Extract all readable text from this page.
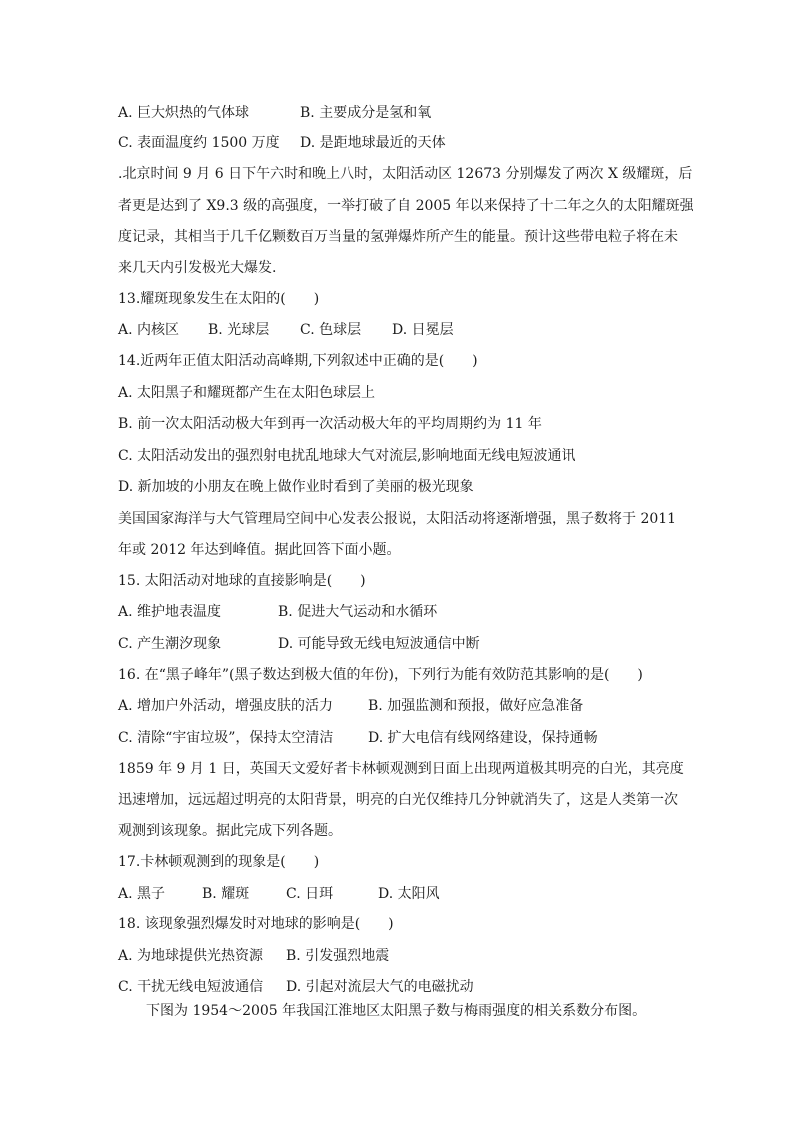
A. 巨大炽热的气体球	B. 主要成分是氢和氧
C. 表面温度约 1500 万度 D. 是距地球最近的天体
.北京时间 9 月 6 日下午六时和晚上八时，太阳活动区 12673 分别爆发了两次 X 级耀斑，后
者更是达到了 X9.3 级的高强度，一举打破了自 2005 年以来保持了十二年之久的太阳耀斑强
度记录，其相当于几千亿颗数百万当量的氢弹爆炸所产生的能量。预计这些带电粒子将在未
来几天内引发极光大爆发.
13.耀斑现象发生在太阳的(　　)
A. 内核区 B. 光球层 C. 色球层 D. 日冕层
14.近两年正值太阳活动高峰期,下列叙述中正确的是(　　)
A. 太阳黑子和耀斑都产生在太阳色球层上
B. 前一次太阳活动极大年到再一次活动极大年的平均周期约为 11 年
C. 太阳活动发出的强烈射电扰乱地球大气对流层,影响地面无线电短波通讯
D. 新加坡的小朋友在晚上做作业时看到了美丽的极光现象
美国国家海洋与大气管理局空间中心发表公报说，太阳活动将逐渐增强，黑子数将于 2011
年或 2012 年达到峰值。据此回答下面小题。
15. 太阳活动对地球的直接影响是(　　)
A. 维护地表温度	B. 促进大气运动和水循环
C. 产生潮汐现象	D. 可能导致无线电短波通信中断
16. 在“黑子峰年”(黑子数达到极大值的年份)，下列行为能有效防范其影响的是(　　)
A. 增加户外活动，增强皮肤的活力 B. 加强监测和预报，做好应急准备
C. 清除“宇宙垃圾”，保持太空清洁 D. 扩大电信有线网络建设，保持通畅
1859 年 9 月 1 日，英国天文爱好者卡林顿观测到日面上出现两道极其明亮的白光，其亮度
迅速增加，远远超过明亮的太阳背景，明亮的白光仅维持几分钟就消失了，这是人类第一次
观测到该现象。据此完成下列各题。
17.卡林顿观测到的现象是(　　)
A. 黑子	B. 耀斑	C. 日珥	D. 太阳风
18. 该现象强烈爆发时对地球的影响是(　　)
A. 为地球提供光热资源 B. 引发强烈地震
C. 干扰无线电短波通信 D. 引起对流层大气的电磁扰动
下图为 1954～2005 年我国江淮地区太阳黑子数与梅雨强度的相关系数分布图。
